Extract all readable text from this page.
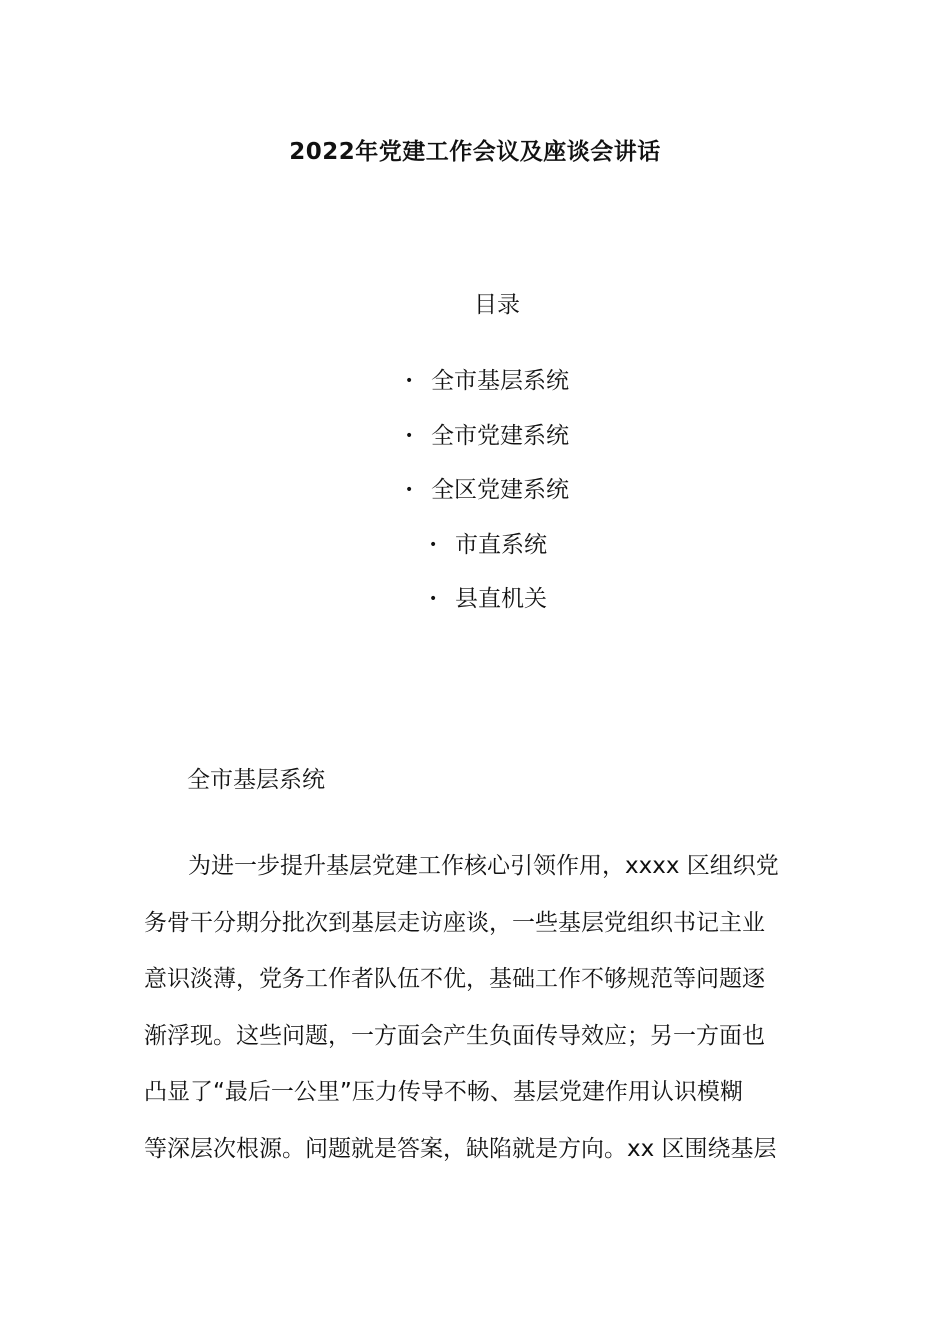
2022年党建工作会议及座谈会讲话
目录
• 全市基层系统
• 全市党建系统
• 全区党建系统
• 市直系统
• 县直机关
全市基层系统
为进一步提升基层党建工作核心引领作用，xxxx 区组织党
务骨干分期分批次到基层走访座谈，一些基层党组织书记主业
意识淡薄，党务工作者队伍不优，基础工作不够规范等问题逐
渐浮现。这些问题，一方面会产生负面传导效应；另一方面也
凸显了“最后一公里”压力传导不畅、基层党建作用认识模糊
等深层次根源。问题就是答案，缺陷就是方向。xx 区围绕基层
